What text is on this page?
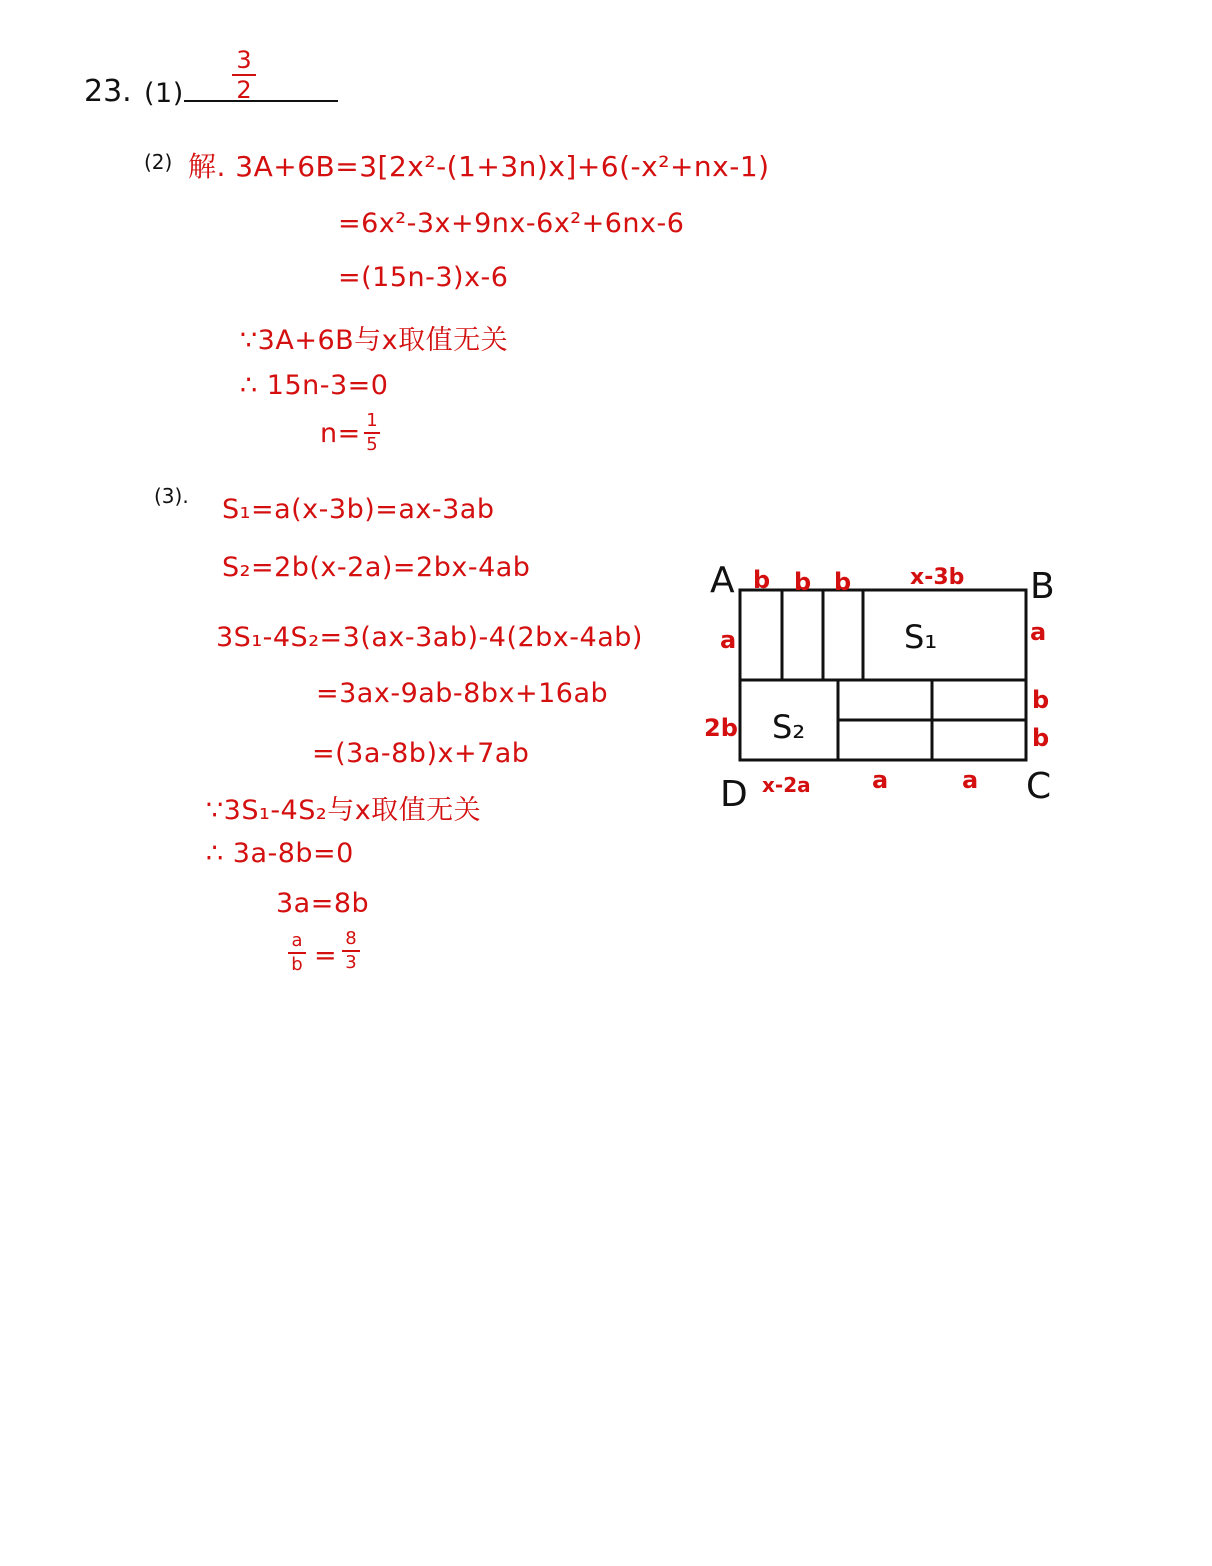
23. (1)
3
2
(2) 解. 3A+6B=3[2x²-(1+3n)x]+6(-x²+nx-1)
=6x²-3x+9nx-6x²+6nx-6
=(15n-3)x-6
∵3A+6B与x取值无关
∴ 15n-3=0
n= 1
5
(3). S₁=a(x-3b)=ax-3ab
S₂=2b(x-2a)=2bx-4ab
3S₁-4S₂=3(ax-3ab)-4(2bx-4ab)
=3ax-9ab-8bx+16ab
=(3a-8b)x+7ab
∵3S₁-4S₂与x取值无关
∴ 3a-8b=0
3a=8b
a
b =
8
3
A	B
C
D
S₁
S₂
b b b	x-3b
a
2b
a
b
b
x-2a	a	a
